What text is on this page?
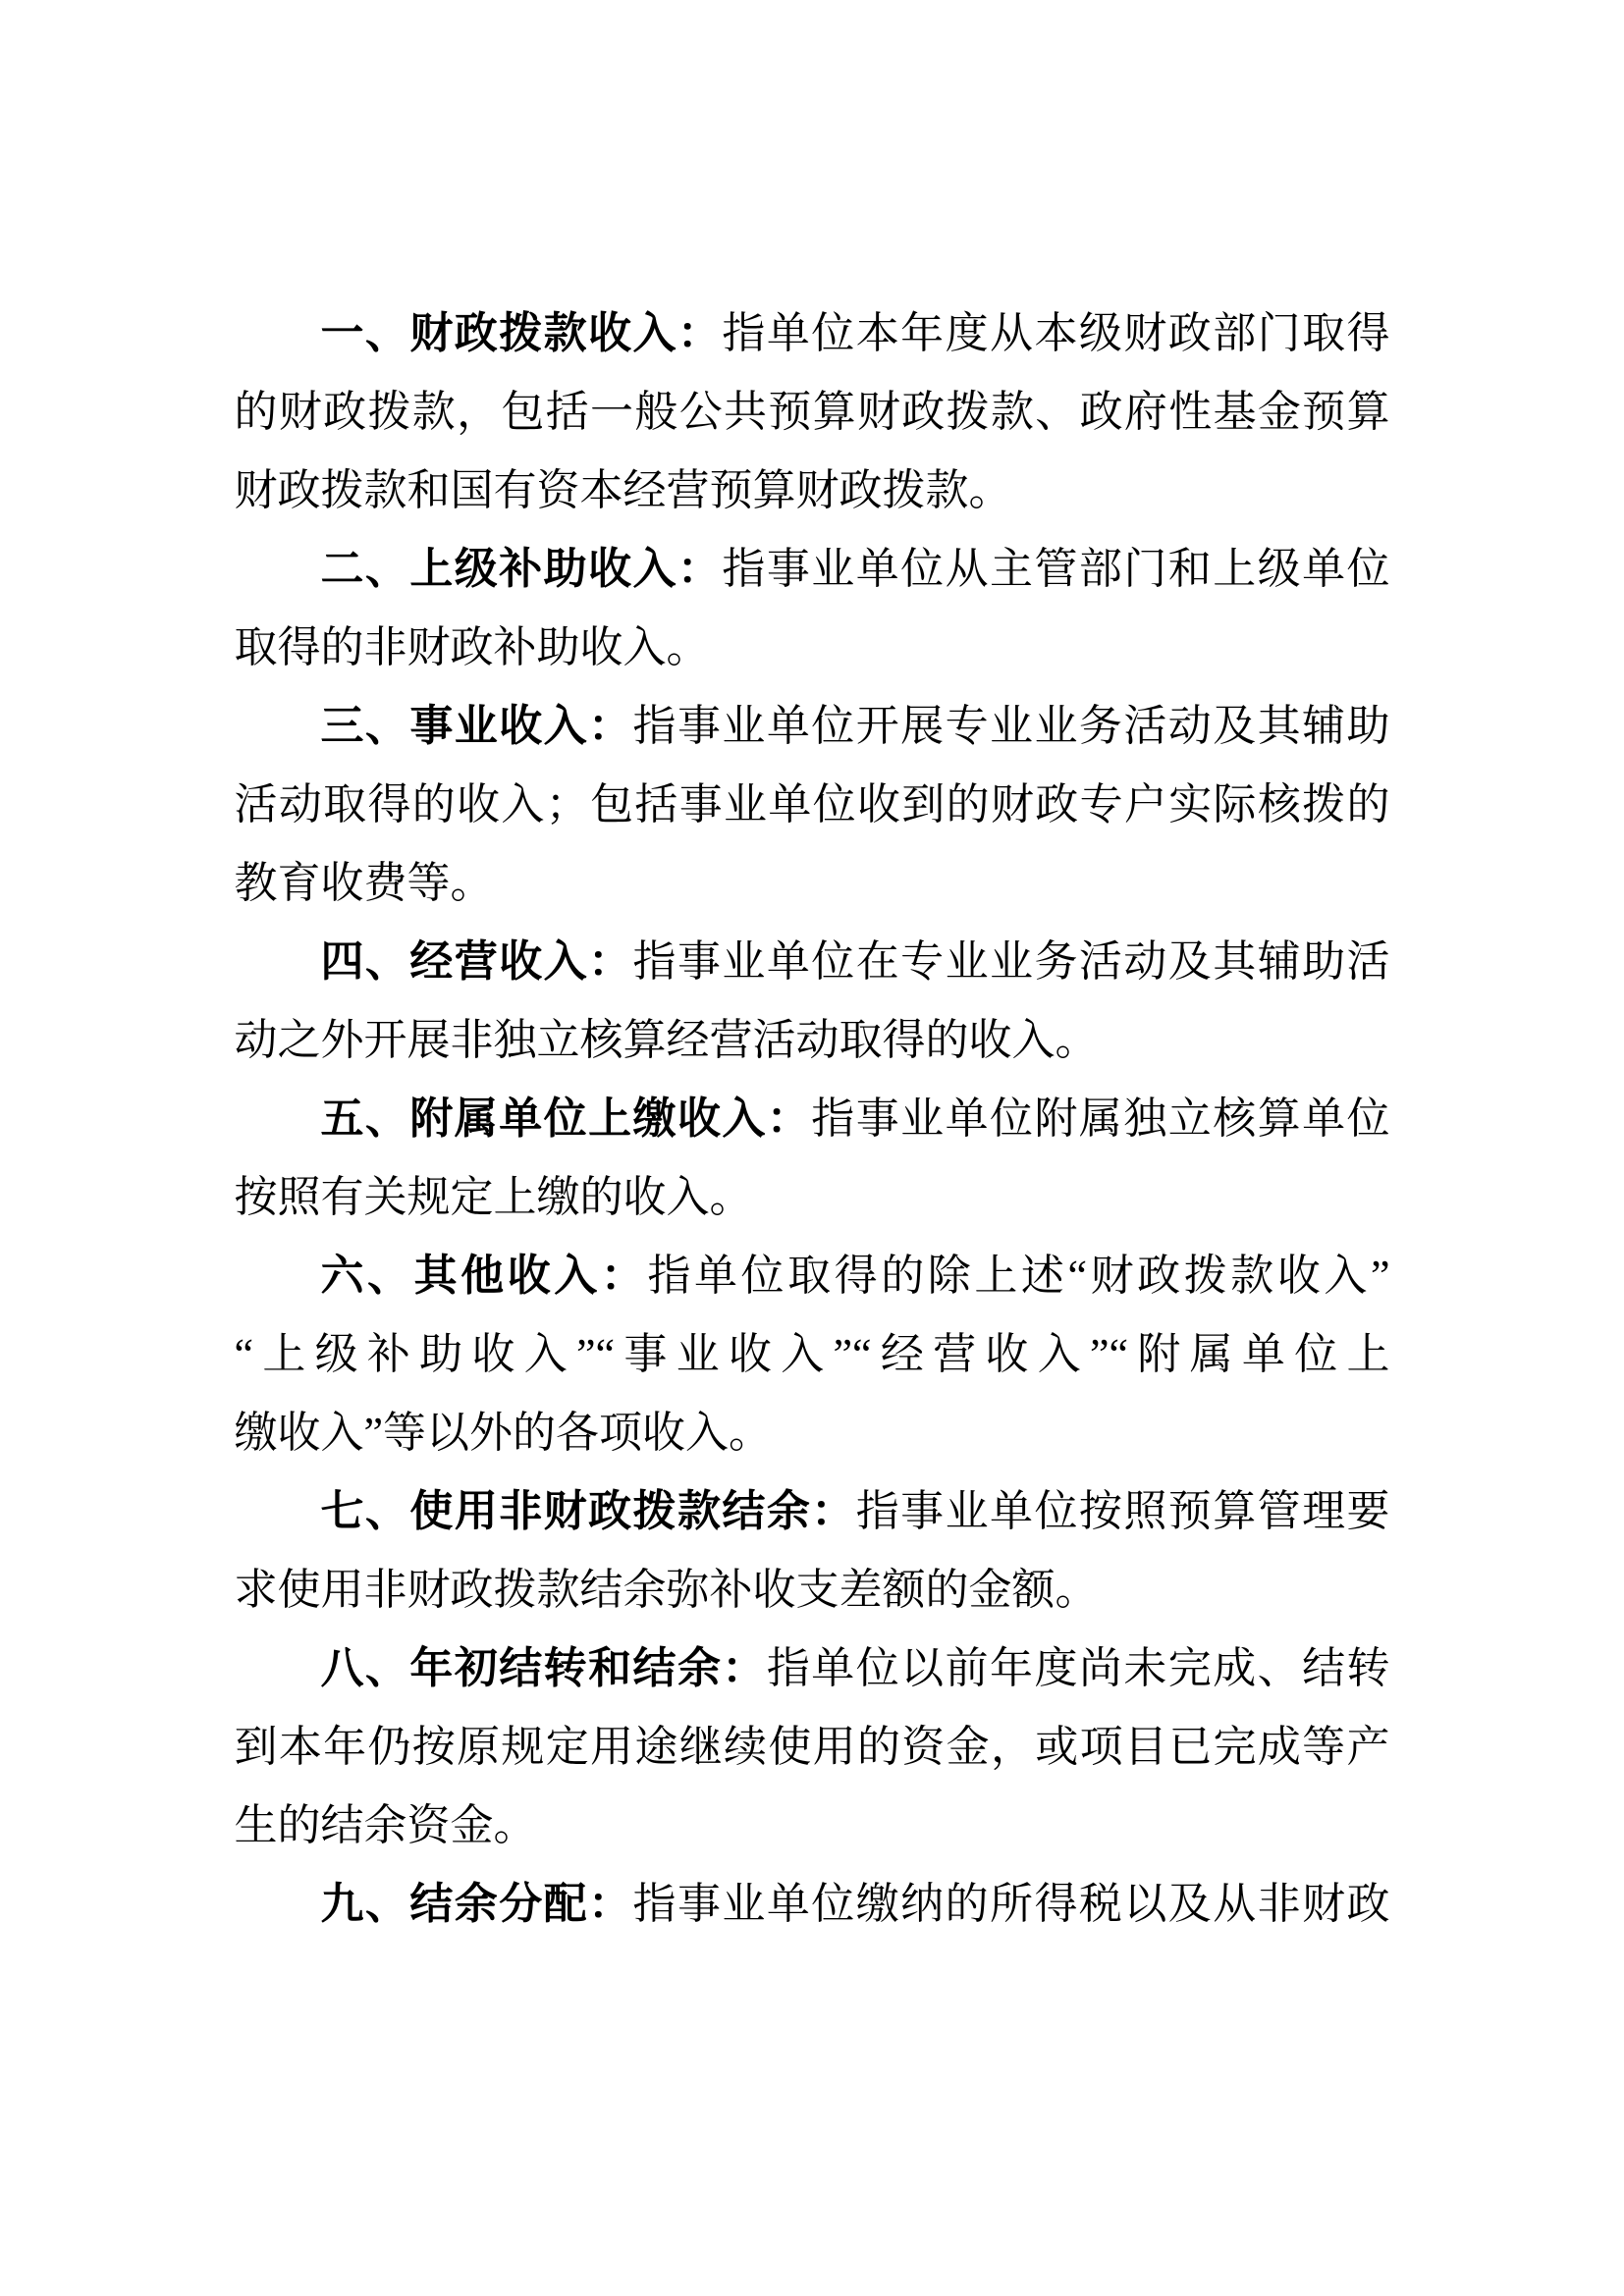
一、财政拨款收入：指单位本年度从本级财政部门取得
的财政拨款，包括一般公共预算财政拨款、政府性基金预算
财政拨款和国有资本经营预算财政拨款。

二、上级补助收入：指事业单位从主管部门和上级单位
取得的非财政补助收入。

三、事业收入：指事业单位开展专业业务活动及其辅助
活动取得的收入；包括事业单位收到的财政专户实际核拨的
教育收费等。

四、经营收入：指事业单位在专业业务活动及其辅助活
动之外开展非独立核算经营活动取得的收入。

五、附属单位上缴收入：指事业单位附属独立核算单位
按照有关规定上缴的收入。

六、其他收入：指单位取得的除上述“财政拨款收入”
“上级补助收入”“事业收入”“经营收入”“附属单位上
缴收入”等以外的各项收入。

七、使用非财政拨款结余：指事业单位按照预算管理要
求使用非财政拨款结余弥补收支差额的金额。

八、年初结转和结余：指单位以前年度尚未完成、结转
到本年仍按原规定用途继续使用的资金，或项目已完成等产
生的结余资金。

九、结余分配：指事业单位缴纳的所得税以及从非财政
